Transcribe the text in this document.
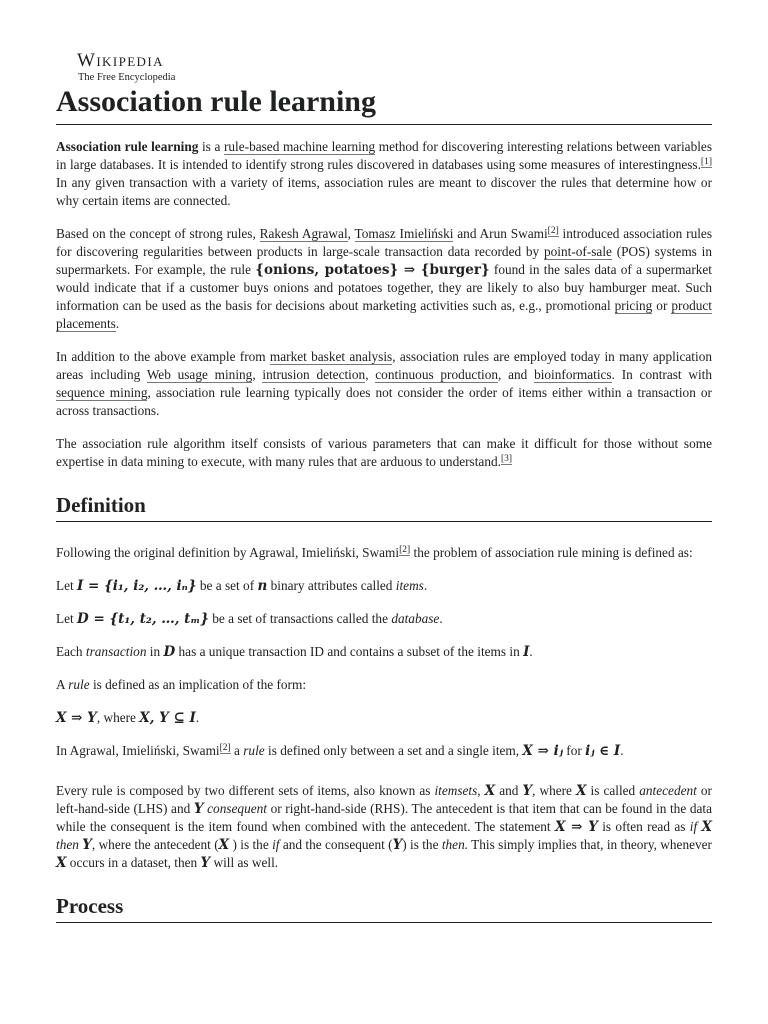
Wikipedia
The Free Encyclopedia
Association rule learning

Association rule learning is a rule-based machine learning method for discovering interesting relations between variables in large databases. It is intended to identify strong rules discovered in databases using some measures of interestingness.[1] In any given transaction with a variety of items, association rules are meant to discover the rules that determine how or why certain items are connected.

Based on the concept of strong rules, Rakesh Agrawal, Tomasz Imieliński and Arun Swami[2] introduced association rules for discovering regularities between products in large-scale transaction data recorded by point-of-sale (POS) systems in supermarkets. For example, the rule {onions, potatoes} ⇒ {burger} found in the sales data of a supermarket would indicate that if a customer buys onions and potatoes together, they are likely to also buy hamburger meat. Such information can be used as the basis for decisions about marketing activities such as, e.g., promotional pricing or product placements.

In addition to the above example from market basket analysis, association rules are employed today in many application areas including Web usage mining, intrusion detection, continuous production, and bioinformatics. In contrast with sequence mining, association rule learning typically does not consider the order of items either within a transaction or across transactions.

The association rule algorithm itself consists of various parameters that can make it difficult for those without some expertise in data mining to execute, with many rules that are arduous to understand.[3]

Definition

Following the original definition by Agrawal, Imieliński, Swami[2] the problem of association rule mining is defined as:

Let I = {i₁, i₂, …, iₙ} be a set of n binary attributes called items.

Let D = {t₁, t₂, …, tₘ} be a set of transactions called the database.

Each transaction in D has a unique transaction ID and contains a subset of the items in I.

A rule is defined as an implication of the form:

X ⇒ Y, where X, Y ⊆ I.

In Agrawal, Imieliński, Swami[2] a rule is defined only between a set and a single item, X ⇒ iⱼ for iⱼ ∈ I.

Every rule is composed by two different sets of items, also known as itemsets, X and Y, where X is called antecedent or left-hand-side (LHS) and Y consequent or right-hand-side (RHS). The antecedent is that item that can be found in the data while the consequent is the item found when combined with the antecedent. The statement X ⇒ Y is often read as if X then Y, where the antecedent (X ) is the if and the consequent (Y) is the then. This simply implies that, in theory, whenever X occurs in a dataset, then Y will as well.

Process
